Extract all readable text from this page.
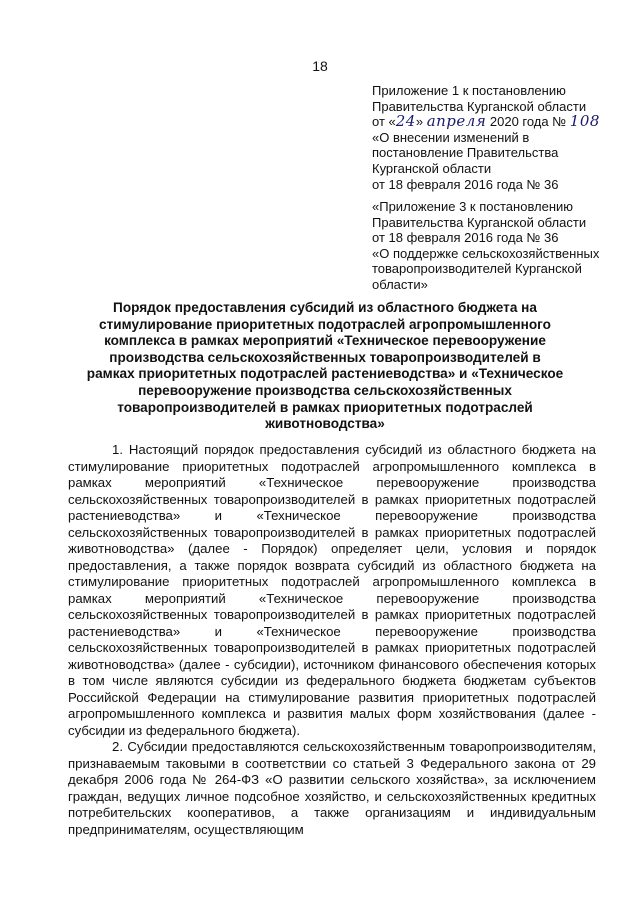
18
Приложение 1 к постановлению
Правительства Курганской области
от «24» апреля 2020 года № 108
«О внесении изменений в
постановление Правительства
Курганской области
от 18 февраля 2016 года № 36
«Приложение 3 к постановлению
Правительства Курганской области
от 18 февраля 2016 года № 36
«О поддержке сельскохозяйственных
товаропроизводителей Курганской
области»
Порядок предоставления субсидий из областного бюджета на стимулирование приоритетных подотраслей агропромышленного комплекса в рамках мероприятий «Техническое перевооружение производства сельскохозяйственных товаропроизводителей в рамках приоритетных подотраслей растениеводства» и «Техническое перевооружение производства сельскохозяйственных товаропроизводителей в рамках приоритетных подотраслей животноводства»

1. Настоящий порядок предоставления субсидий из областного бюджета на стимулирование приоритетных подотраслей агропромышленного комплекса в рамках мероприятий «Техническое перевооружение производства сельскохозяйственных товаропроизводителей в рамках приоритетных подотраслей растениеводства» и «Техническое перевооружение производства сельскохозяйственных товаропроизводителей в рамках приоритетных подотраслей животноводства» (далее - Порядок) определяет цели, условия и порядок предоставления, а также порядок возврата субсидий из областного бюджета на стимулирование приоритетных подотраслей агропромышленного комплекса в рамках мероприятий «Техническое перевооружение производства сельскохозяйственных товаропроизводителей в рамках приоритетных подотраслей растениеводства» и «Техническое перевооружение производства сельскохозяйственных товаропроизводителей в рамках приоритетных подотраслей животноводства» (далее - субсидии), источником финансового обеспечения которых в том числе являются субсидии из федерального бюджета бюджетам субъектов Российской Федерации на стимулирование развития приоритетных подотраслей агропромышленного комплекса и развития малых форм хозяйствования (далее - субсидии из федерального бюджета).

2. Субсидии предоставляются сельскохозяйственным товаропроизводителям, признаваемым таковыми в соответствии со статьей 3 Федерального закона от 29 декабря 2006 года № 264-ФЗ «О развитии сельского хозяйства», за исключением граждан, ведущих личное подсобное хозяйство, и сельскохозяйственных кредитных потребительских кооперативов, а также организациям и индивидуальным предпринимателям, осуществляющим
